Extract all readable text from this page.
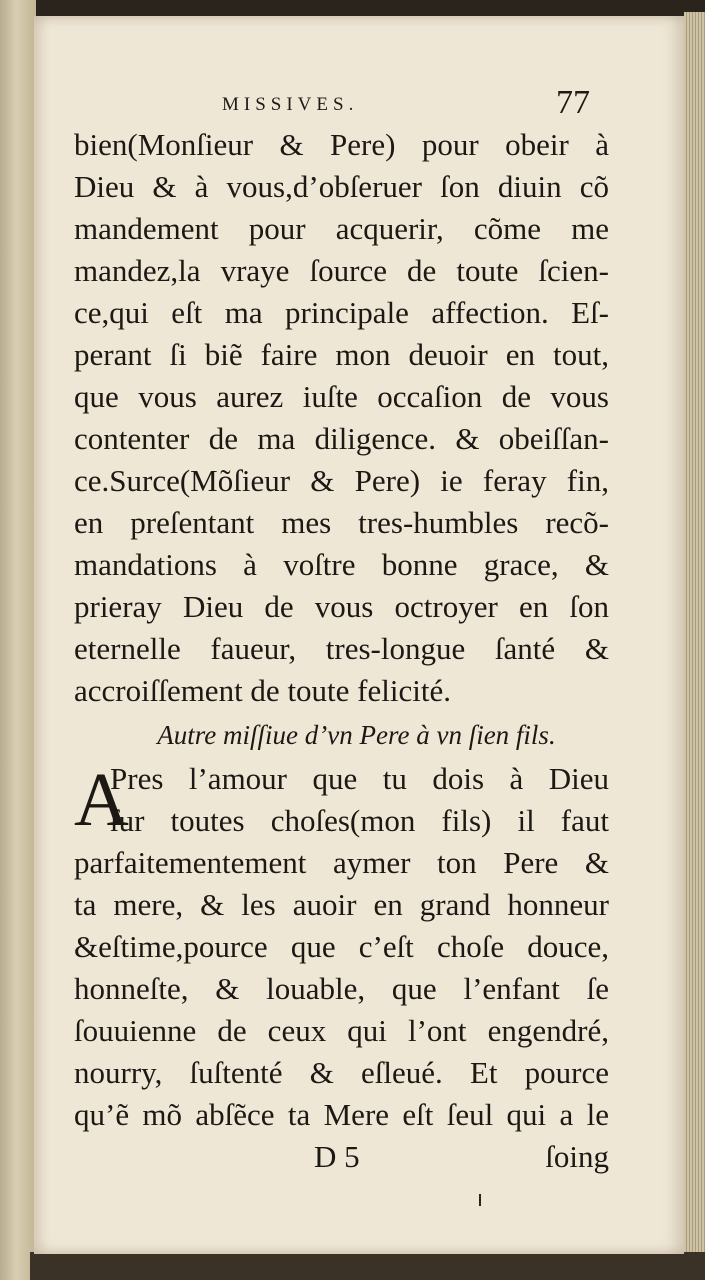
MISSIVES.	77
bien(Monſieur & Pere) pour obeir à
Dieu & à vous,d’obſeruer ſon diuin cõ
mandement pour acquerir, cõme me
mandez,la vraye ſource de toute ſcien-
ce,qui eſt ma principale affection. Eſ-
perant ſi biẽ faire mon deuoir en tout,
que vous aurez iuſte occaſion de vous
contenter de ma diligence. & obeiſſan-
ce.Surce(Mõſieur & Pere) ie feray fin,
en preſentant mes tres-humbles recõ-
mandations à voſtre bonne grace, &
prieray Dieu de vous octroyer en ſon
eternelle faueur, tres-longue ſanté &
accroiſſement de toute felicité.
Autre miſſiue d’vn Pere à vn ſien fils.
A
Pres l’amour que tu dois à Dieu
ſur toutes choſes(mon fils) il faut
parfaitementement aymer ton Pere &
ta mere, & les auoir en grand honneur
&eſtime,pource que c’eſt choſe douce,
honneſte, & louable, que l’enfant ſe
ſouuienne de ceux qui l’ont engendré,
nourry, ſuſtenté & eſleué. Et pource
qu’ẽ mõ abſẽce ta Mere eſt ſeul qui a le
D 5	ſoing
